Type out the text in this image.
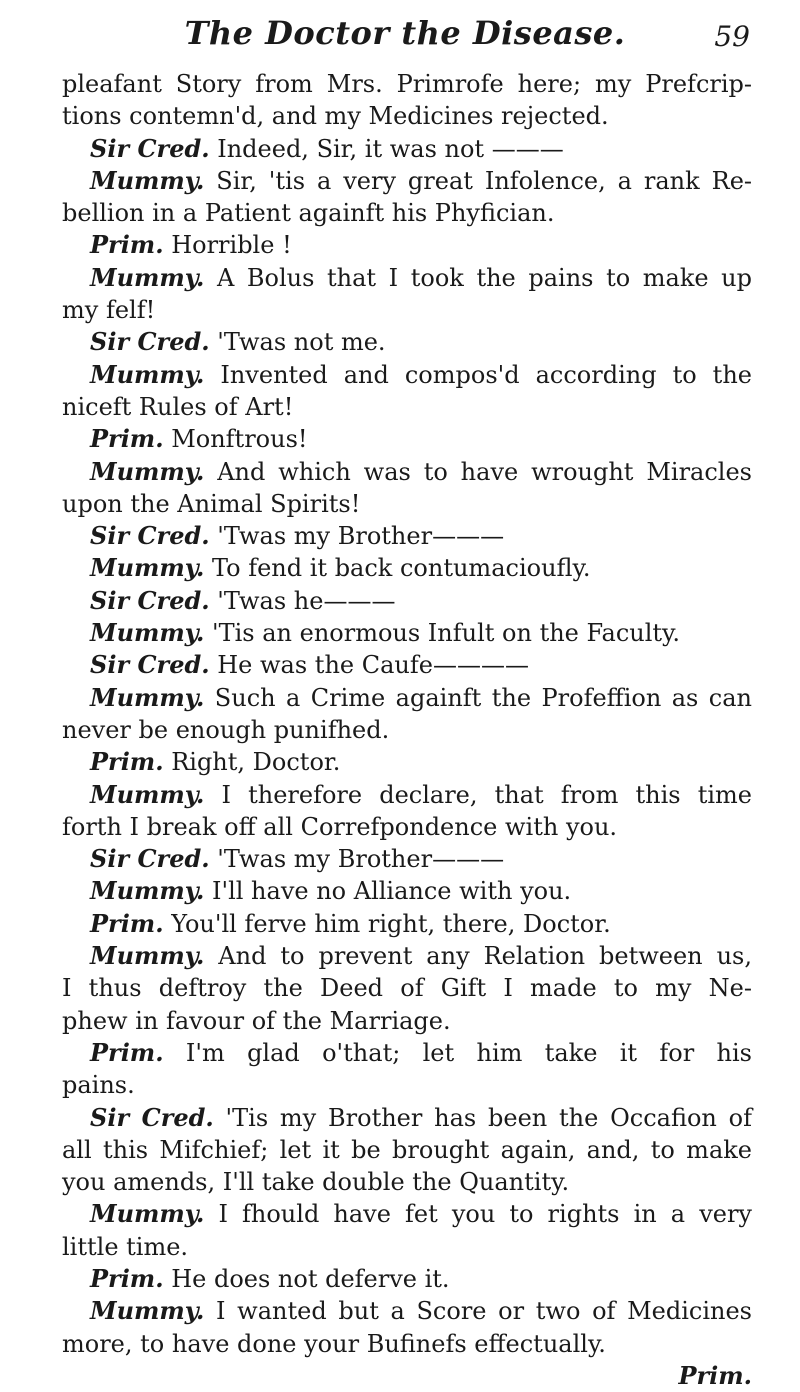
The Doctor the Disease.	59
pleafant Story from Mrs. Primrofe here; my Prefcrip-
tions contemn'd, and my Medicines rejected.
Sir Cred. Indeed, Sir, it was not ———
Mummy. Sir, 'tis a very great Infolence, a rank Re-
bellion in a Patient againft his Phyfician.
Prim. Horrible !
Mummy. A Bolus that I took the pains to make up
my felf!
Sir Cred. 'Twas not me.
Mummy. Invented and compos'd according to the
niceft Rules of Art!
Prim. Monftrous!
Mummy. And which was to have wrought Miracles
upon the Animal Spirits!
Sir Cred. 'Twas my Brother———
Mummy. To fend it back contumacioufly.
Sir Cred. 'Twas he———
Mummy. 'Tis an enormous Infult on the Faculty.
Sir Cred. He was the Caufe————
Mummy. Such a Crime againft the Profeffion as can
never be enough punifhed.
Prim. Right, Doctor.
Mummy. I therefore declare, that from this time
forth I break off all Correfpondence with you.
Sir Cred. 'Twas my Brother———
Mummy. I'll have no Alliance with you.
Prim. You'll ferve him right, there, Doctor.
Mummy. And to prevent any Relation between us,
I thus deftroy the Deed of Gift I made to my Ne-
phew in favour of the Marriage.
Prim. I'm glad o'that; let him take it for his
pains.
Sir Cred. 'Tis my Brother has been the Occafion of
all this Mifchief; let it be brought again, and, to make
you amends, I'll take double the Quantity.
Mummy. I fhould have fet you to rights in a very
little time.
Prim. He does not deferve it.
Mummy. I wanted but a Score or two of Medicines
more, to have done your Bufinefs effectually.
Prim.
